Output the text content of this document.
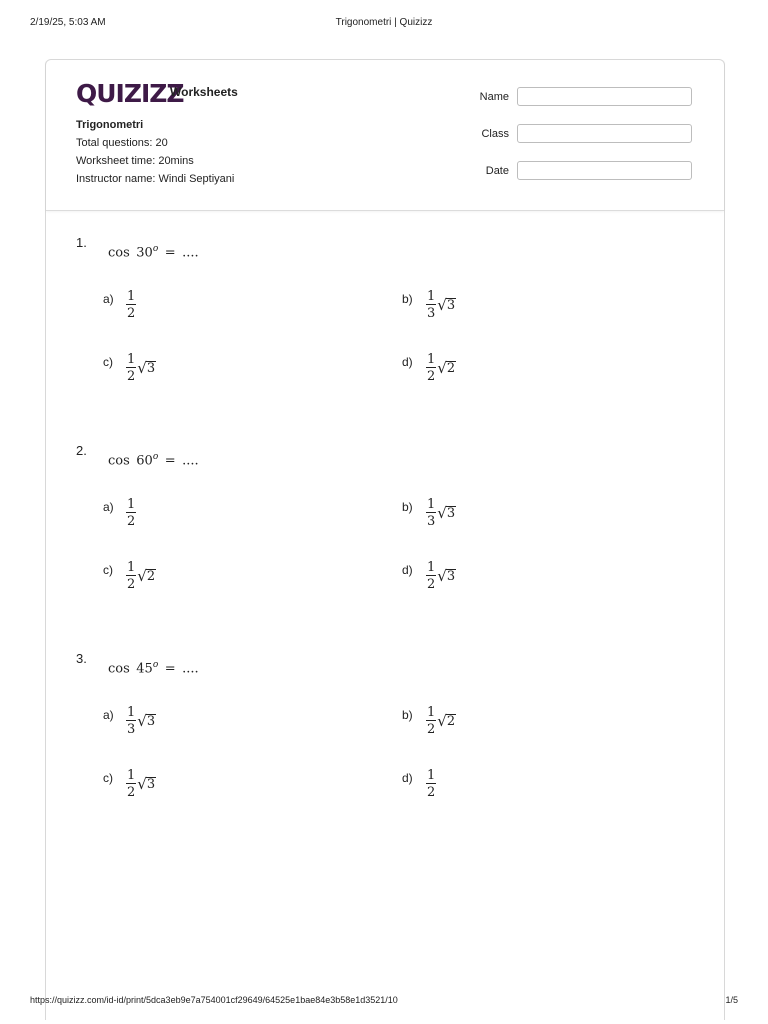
2/19/25, 5:03 AM	Trigonometri | Quizizz
QUIZIZZ
Worksheets
Trigonometri
Total questions: 20
Worksheet time: 20mins
Instructor name: Windi Septiyani
Name
Class
Date
1.
cos  30$^o$  =  ....
$a) \frac{1}{2}$	$b) \frac{1}{3}$ √ 3
$c) \frac{1}{2}$ √ 3	$d) \frac{1}{2}$ √ 2
2.
cos  60$^o$  =  ....
$a) \frac{1}{2}$	$b) \frac{1}{3}$ √ 3
$c) \frac{1}{2}$ √ 2	$d) \frac{1}{2}$ √ 3
3.
cos  45$^o$  =  ....
$a) \frac{1}{3}$ √ 3	$b) \frac{1}{2}$ √ 2
$c) \frac{1}{2}$ √ 3	$d) \frac{1}{2}$
https://quizizz.com/id-id/print/5dca3eb9e7a754001cf29649/64525e1bae84e3b58e1d3521/10	1/5
